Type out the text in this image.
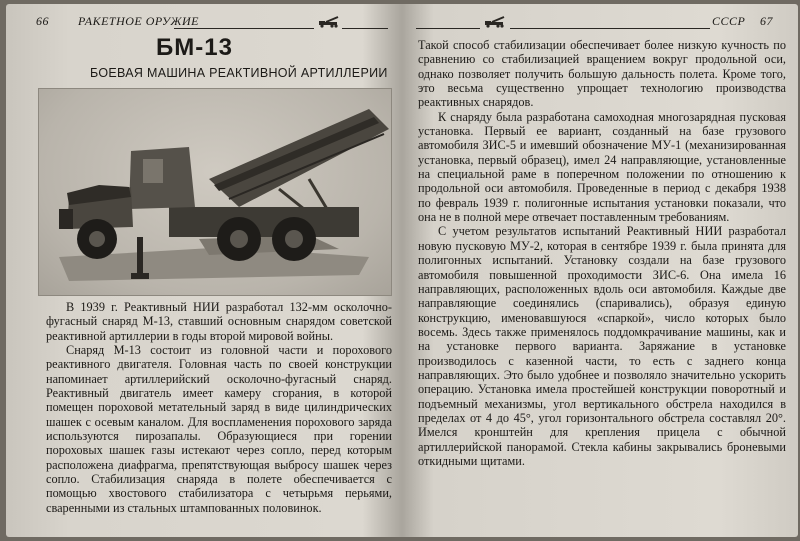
66 РАКЕТНОЕ ОРУЖИЕ
БМ-13
БОЕВАЯ МАШИНА РЕАКТИВНОЙ АРТИЛЛЕРИИ

В 1939 г. Реактивный НИИ разработал 132-мм осколочно-фугасный снаряд М-13, ставший основным снарядом советской реактивной артиллерии в годы второй мировой войны.

Снаряд М-13 состоит из головной части и порохового реактивного двигателя. Головная часть по своей конструкции напоминает артиллерийский осколочно-фугасный снаряд. Реактивный двигатель имеет камеру сгорания, в которой помещен пороховой метательный заряд в виде цилиндрических шашек с осевым каналом. Для воспламенения порохового заряда используются пирозапалы. Образующиеся при горении пороховых шашек газы истекают через сопло, перед которым расположена диафрагма, препятствующая выбросу шашек через сопло. Стабилизация снаряда в полете обеспечивается с помощью хвостового стабилизатора с четырьмя перьями, сваренными из стальных штампованных половинок.

СССР 67

Такой способ стабилизации обеспечивает более низкую кучность по сравнению со стабилизацией вращением вокруг продольной оси, однако позволяет получить большую дальность полета. Кроме того, это весьма существенно упрощает технологию производства реактивных снарядов.

К снаряду была разработана самоходная многозарядная пусковая установка. Первый ее вариант, созданный на базе грузового автомобиля ЗИС-5 и имевший обозначение МУ-1 (механизированная установка, первый образец), имел 24 направляющие, установленные на специальной раме в поперечном положении по отношению к продольной оси автомобиля. Проведенные в период с декабря 1938 по февраль 1939 г. полигонные испытания установки показали, что она не в полной мере отвечает поставленным требованиям.

С учетом результатов испытаний Реактивный НИИ разработал новую пусковую МУ-2, которая в сентябре 1939 г. была принята для полигонных испытаний. Установку создали на базе грузового автомобиля повышенной проходимости ЗИС-6. Она имела 16 направляющих, расположенных вдоль оси автомобиля. Каждые две направляющие соединялись (спаривались), образуя единую конструкцию, именовавшуюся «спаркой», число которых было восемь. Здесь также применялось поддомкрачивание машины, как и на установке первого варианта. Заряжание в установке производилось с казенной части, то есть с заднего конца направляющих. Это было удобнее и позволяло значительно ускорить операцию. Установка имела простейшей конструкции поворотный и подъемный механизмы, угол вертикального обстрела находился в пределах от 4 до 45°, угол горизонтального обстрела составлял 20°. Имелся кронштейн для крепления прицела с обычной артиллерийской панорамой. Стекла кабины закрывались броневыми откидными щитами.
